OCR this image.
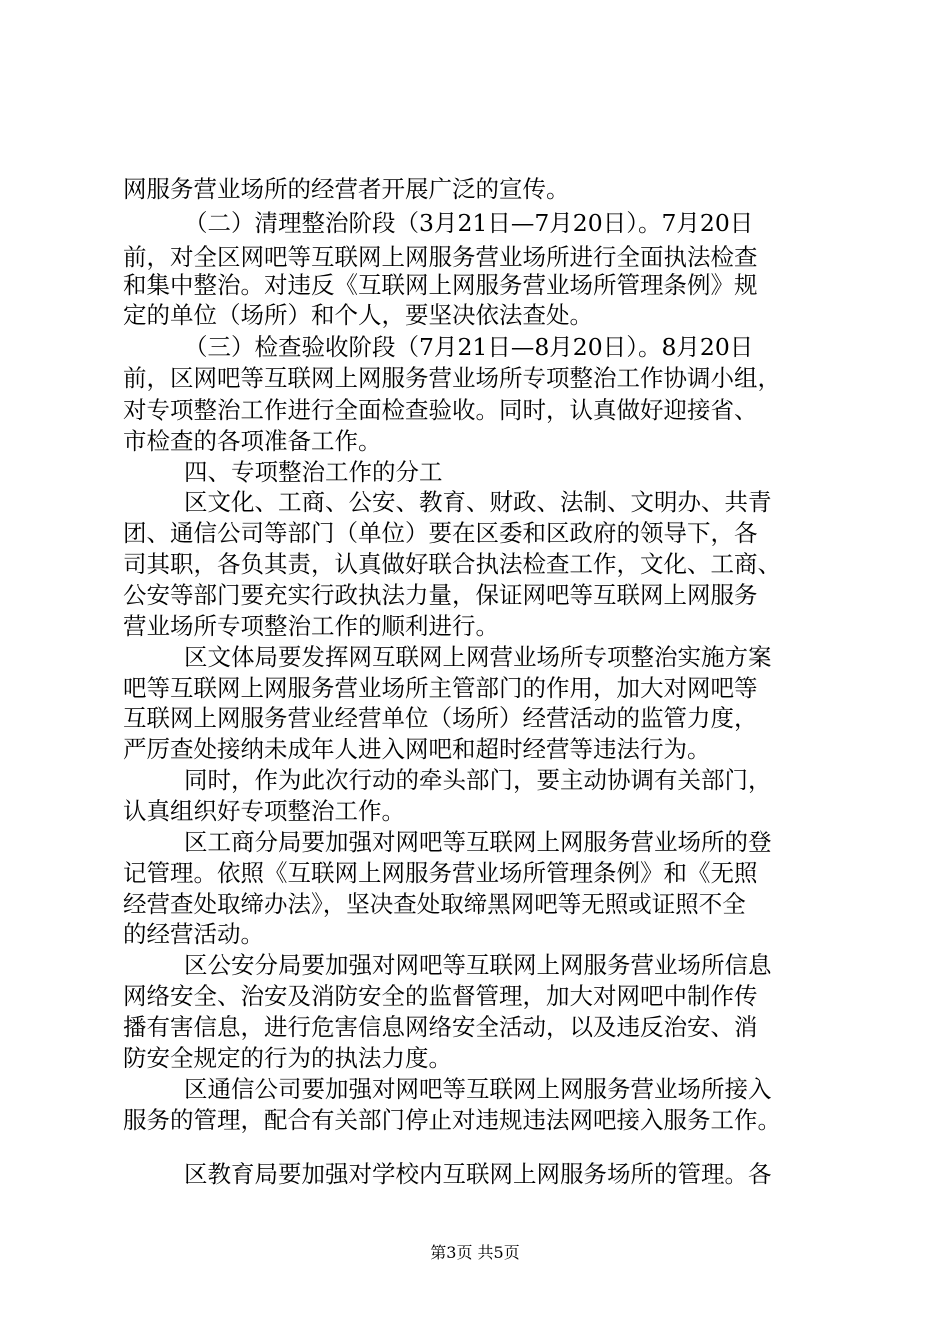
网服务营业场所的经营者开展广泛的宣传。
（二）清理整治阶段（3月21日—7月20日）。7月20日
前，对全区网吧等互联网上网服务营业场所进行全面执法检查
和集中整治。对违反《互联网上网服务营业场所管理条例》规
定的单位（场所）和个人，要坚决依法查处。
（三）检查验收阶段（7月21日—8月20日）。8月20日
前，区网吧等互联网上网服务营业场所专项整治工作协调小组，
对专项整治工作进行全面检查验收。同时，认真做好迎接省、
市检查的各项准备工作。
四、专项整治工作的分工
区文化、工商、公安、教育、财政、法制、文明办、共青
团、通信公司等部门（单位）要在区委和区政府的领导下，各
司其职，各负其责，认真做好联合执法检查工作，文化、工商、
公安等部门要充实行政执法力量，保证网吧等互联网上网服务
营业场所专项整治工作的顺利进行。
区文体局要发挥网互联网上网营业场所专项整治实施方案
吧等互联网上网服务营业场所主管部门的作用，加大对网吧等
互联网上网服务营业经营单位（场所）经营活动的监管力度，
严厉查处接纳未成年人进入网吧和超时经营等违法行为。
同时，作为此次行动的牵头部门，要主动协调有关部门，
认真组织好专项整治工作。
区工商分局要加强对网吧等互联网上网服务营业场所的登
记管理。依照《互联网上网服务营业场所管理条例》和《无照
经营查处取缔办法》，坚决查处取缔黑网吧等无照或证照不全
的经营活动。
区公安分局要加强对网吧等互联网上网服务营业场所信息
网络安全、治安及消防安全的监督管理，加大对网吧中制作传
播有害信息，进行危害信息网络安全活动，以及违反治安、消
防安全规定的行为的执法力度。
区通信公司要加强对网吧等互联网上网服务营业场所接入
服务的管理，配合有关部门停止对违规违法网吧接入服务工作。
区教育局要加强对学校内互联网上网服务场所的管理。各
第3页 共5页
